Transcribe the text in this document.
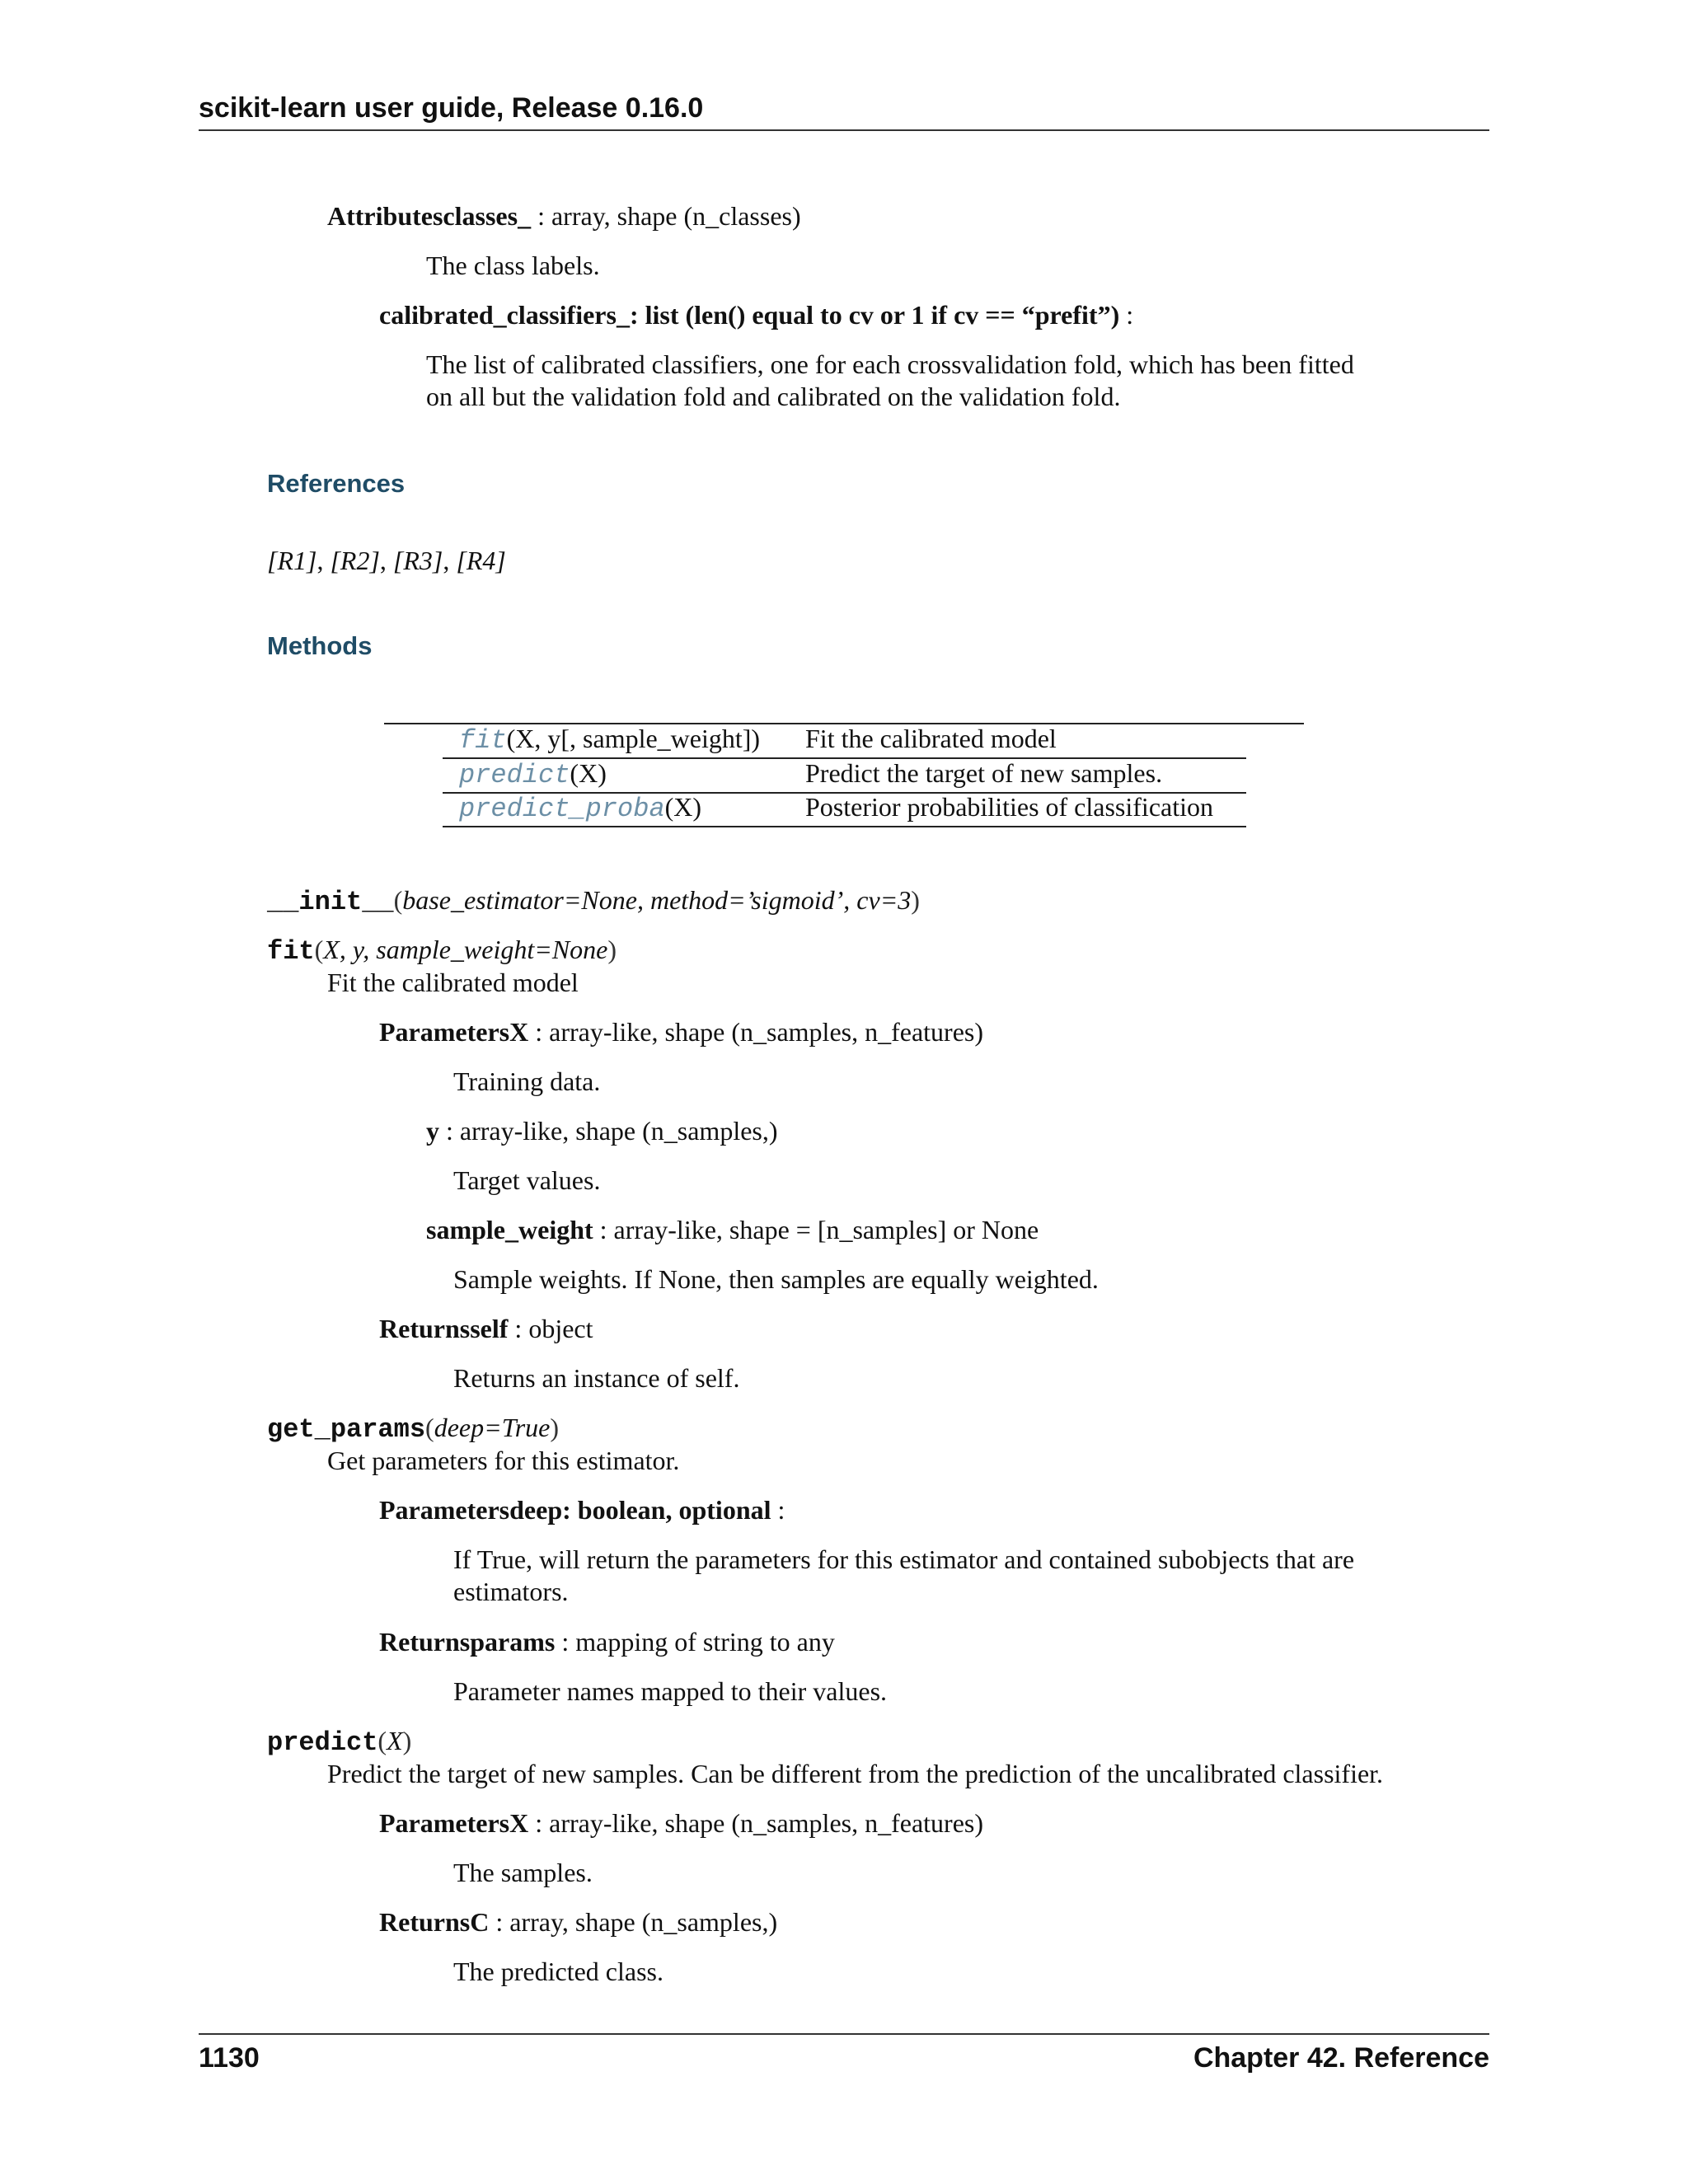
scikit-learn user guide, Release 0.16.0
Attributesclasses_ : array, shape (n_classes)
The class labels.
calibrated_classifiers_: list (len() equal to cv or 1 if cv == “prefit”) :
The list of calibrated classifiers, one for each crossvalidation fold, which has been fitted
on all but the validation fold and calibrated on the validation fold.
References
[R1], [R2], [R3], [R4]
Methods
fit(X, y[, sample_weight]) Fit the calibrated model
predict(X)	Predict the target of new samples.
predict_proba(X)	Posterior probabilities of classification
__init__(base_estimator=None, method=’sigmoid’, cv=3)
fit(X, y, sample_weight=None)
Fit the calibrated model
ParametersX : array-like, shape (n_samples, n_features)
Training data.
y : array-like, shape (n_samples,)
Target values.
sample_weight : array-like, shape = [n_samples] or None
Sample weights. If None, then samples are equally weighted.
Returnsself : object
Returns an instance of self.
get_params(deep=True)
Get parameters for this estimator.
Parametersdeep: boolean, optional :
If True, will return the parameters for this estimator and contained subobjects that are
estimators.
Returnsparams : mapping of string to any
Parameter names mapped to their values.
predict(X)
Predict the target of new samples. Can be different from the prediction of the uncalibrated classifier.
ParametersX : array-like, shape (n_samples, n_features)
The samples.
ReturnsC : array, shape (n_samples,)
The predicted class.
1130	Chapter 42. Reference
